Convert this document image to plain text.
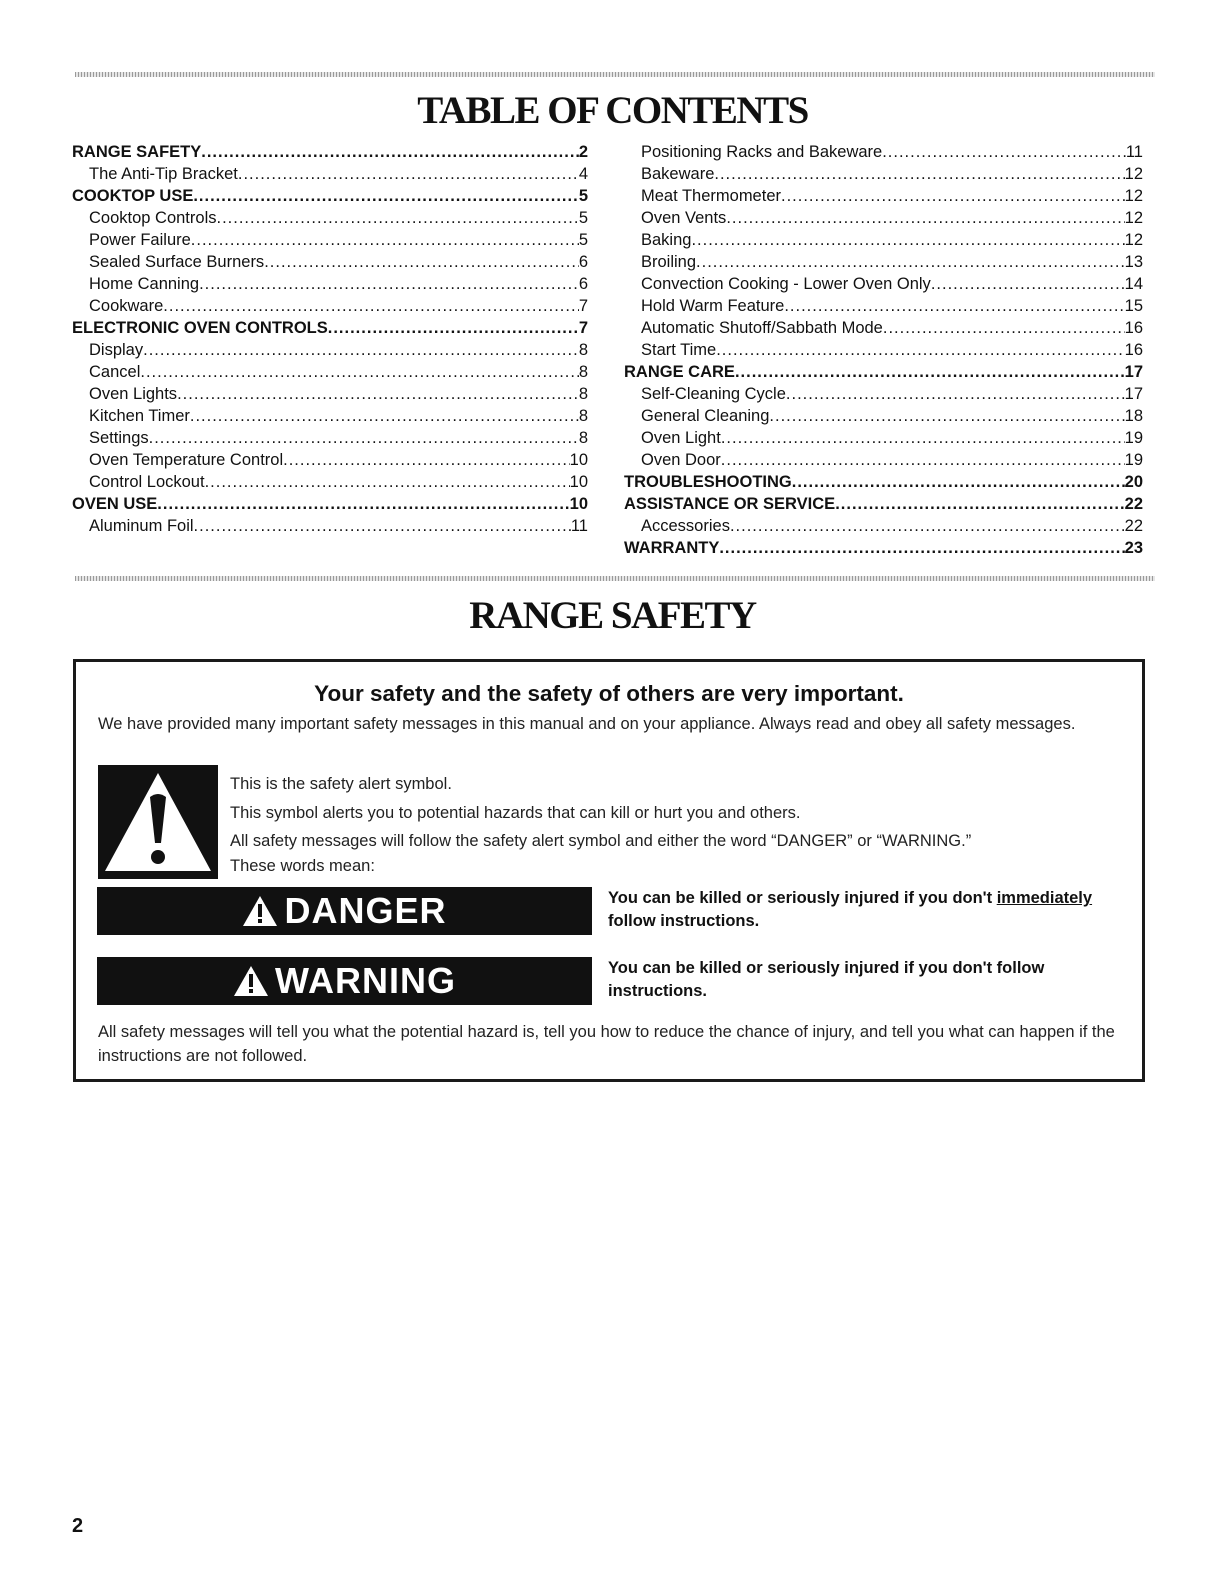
TABLE OF CONTENTS
RANGE SAFETY .....	2
The Anti-Tip Bracket .....	4
COOKTOP USE .....	5
Cooktop Controls .....	5
Power Failure .....	5
Sealed Surface Burners .....	6
Home Canning .....	6
Cookware .....	7
ELECTRONIC OVEN CONTROLS .....	7
Display .....	8
Cancel .....	8
Oven Lights .....	8
Kitchen Timer .....	8
Settings .....	8
Oven Temperature Control .....	10
Control Lockout .....	10
OVEN USE .....	10
Aluminum Foil .....	11
Positioning Racks and Bakeware .....	11
Bakeware .....	12
Meat Thermometer .....	12
Oven Vents .....	12
Baking .....	12
Broiling .....	13
Convection Cooking - Lower Oven Only .....	14
Hold Warm Feature .....	15
Automatic Shutoff/Sabbath Mode .....	16
Start Time .....	16
RANGE CARE .....	17
Self-Cleaning Cycle .....	17
General Cleaning .....	18
Oven Light .....	19
Oven Door .....	19
TROUBLESHOOTING .....	20
ASSISTANCE OR SERVICE .....	22
Accessories .....	22
WARRANTY .....	23
RANGE SAFETY
Your safety and the safety of others are very important.
We have provided many important safety messages in this manual and on your appliance. Always read and obey all safety messages.
This is the safety alert symbol.
This symbol alerts you to potential hazards that can kill or hurt you and others.
All safety messages will follow the safety alert symbol and either the word “DANGER” or “WARNING.”
These words mean:
DANGER	You can be killed or seriously injured if you don't immediately follow instructions.
WARNING	You can be killed or seriously injured if you don't follow instructions.
All safety messages will tell you what the potential hazard is, tell you how to reduce the chance of injury, and tell you what can happen if the instructions are not followed.
2
